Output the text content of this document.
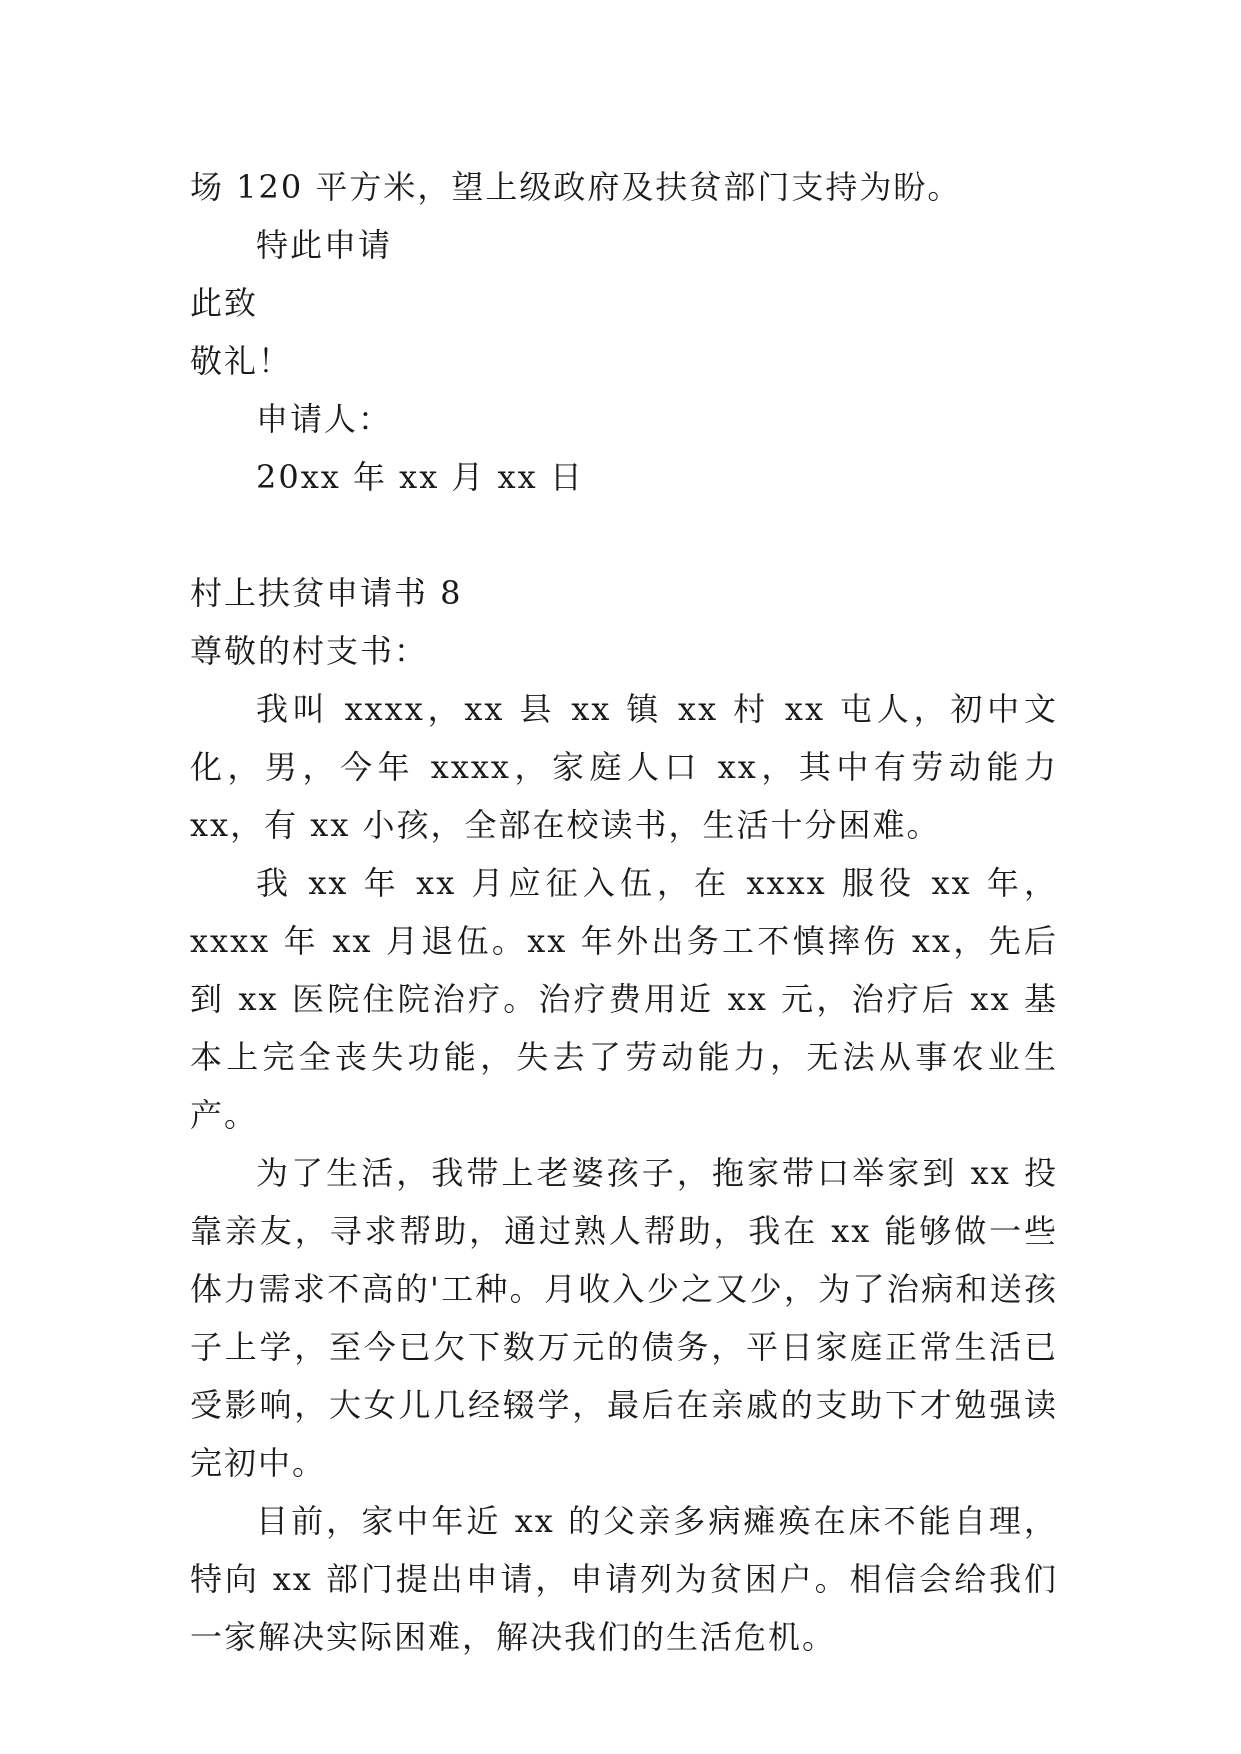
场 120 平方米，望上级政府及扶贫部门支持为盼。

特此申请

此致

敬礼！

申请人：

20xx 年 xx 月 xx 日

村上扶贫申请书 8

尊敬的村支书：

我叫 xxxx，xx 县 xx 镇 xx 村 xx 屯人，初中文化，男，今年 xxxx，家庭人口 xx，其中有劳动能力 xx，有 xx 小孩，全部在校读书，生活十分困难。

我 xx 年 xx 月应征入伍，在 xxxx 服役 xx 年，xxxx 年 xx 月退伍。xx 年外出务工不慎摔伤 xx，先后到 xx 医院住院治疗。治疗费用近 xx 元，治疗后 xx 基本上完全丧失功能，失去了劳动能力，无法从事农业生产。

为了生活，我带上老婆孩子，拖家带口举家到 xx 投靠亲友，寻求帮助，通过熟人帮助，我在 xx 能够做一些体力需求不高的'工种。月收入少之又少，为了治病和送孩子上学，至今已欠下数万元的债务，平日家庭正常生活已受影响，大女儿几经辍学，最后在亲戚的支助下才勉强读完初中。

目前，家中年近 xx 的父亲多病瘫痪在床不能自理，特向 xx 部门提出申请，申请列为贫困户。相信会给我们一家解决实际困难，解决我们的生活危机。
